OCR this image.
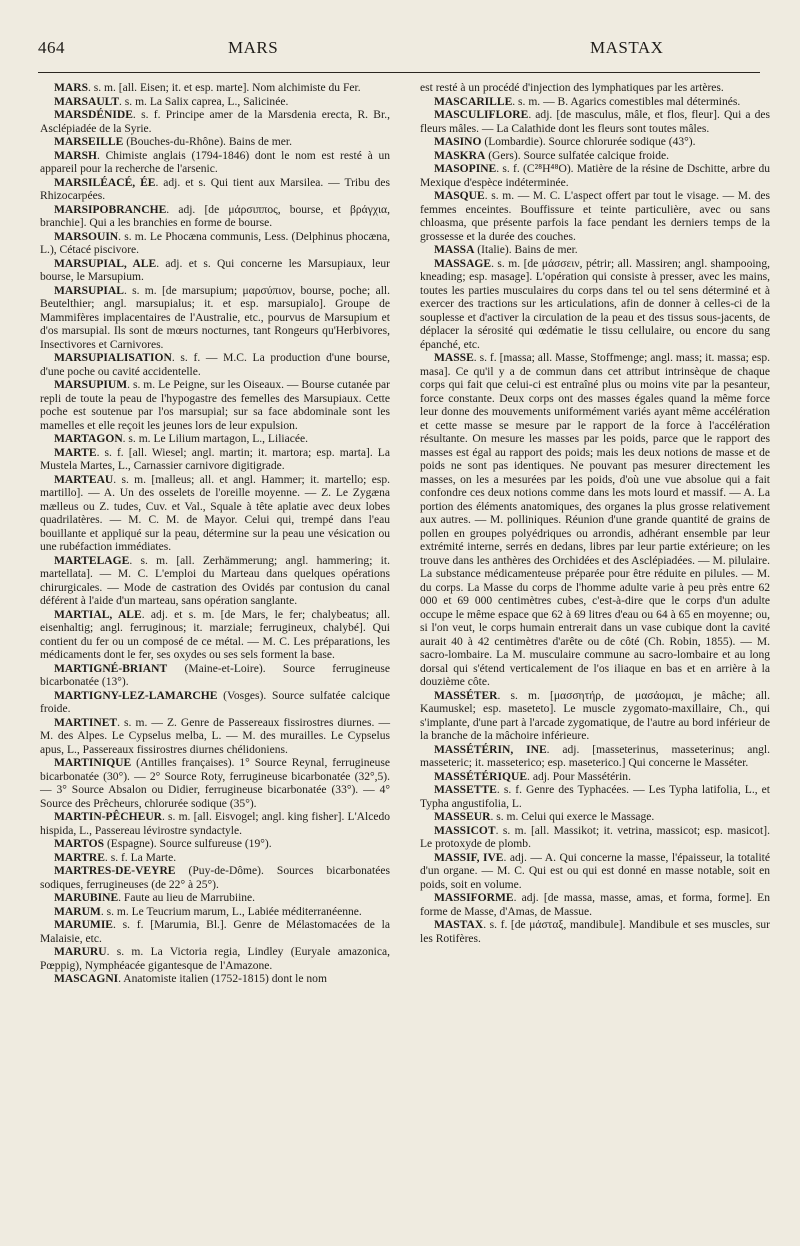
464	MARS	MASTAX

MARS. s. m. [all. Eisen; it. et esp. marte]. Nom alchimiste du Fer.

MARSAULT. s. m. La Salix caprea, L., Salicinée.

MARSDÉNIDE. s. f. Principe amer de la Marsdenia erecta, R. Br., Asclépiadée de la Syrie.

MARSEILLE (Bouches-du-Rhône). Bains de mer.

MARSH. Chimiste anglais (1794-1846) dont le nom est resté à un appareil pour la recherche de l'arsenic.

MARSILÉACÉ, ÉE. adj. et s. Qui tient aux Marsilea. — Tribu des Rhizocarpées.

MARSIPOBRANCHE. adj. [de μάρσιππος, bourse, et βράγχια, branchie]. Qui a les branchies en forme de bourse.

MARSOUIN. s. m. Le Phocæna communis, Less. (Delphinus phocæna, L.), Cétacé piscivore.

MARSUPIAL, ALE. adj. et s. Qui concerne les Marsupiaux, leur bourse, le Marsupium.

MARSUPIAL. s. m. [de marsupium; μαρσύπιον, bourse, poche; all. Beutelthier; angl. marsupialus; it. et esp. marsupialo]. Groupe de Mammifères implacentaires de l'Australie, etc., pourvus de Marsupium et d'os marsupial. Ils sont de mœurs nocturnes, tant Rongeurs qu'Herbivores, Insectivores et Carnivores.

MARSUPIALISATION. s. f. — M.C. La production d'une bourse, d'une poche ou cavité accidentelle.

MARSUPIUM. s. m. Le Peigne, sur les Oiseaux. — Bourse cutanée par repli de toute la peau de l'hypogastre des femelles des Marsupiaux. Cette poche est soutenue par l'os marsupial; sur sa face abdominale sont les mamelles et elle reçoit les jeunes lors de leur expulsion.

MARTAGON. s. m. Le Lilium martagon, L., Liliacée.

MARTE. s. f. [all. Wiesel; angl. martin; it. martora; esp. marta]. La Mustela Martes, L., Carnassier carnivore digitigrade.

MARTEAU. s. m. [malleus; all. et angl. Hammer; it. martello; esp. martillo]. — A. Un des osselets de l'oreille moyenne. — Z. Le Zygæna mælleus ou Z. tudes, Cuv. et Val., Squale à tête aplatie avec deux lobes quadrilatères. — M. C. M. de Mayor. Celui qui, trempé dans l'eau bouillante et appliqué sur la peau, détermine sur la peau une vésication ou une rubéfaction immédiates.

MARTELAGE. s. m. [all. Zerhämmerung; angl. hammering; it. martellata]. — M. C. L'emploi du Marteau dans quelques opérations chirurgicales. — Mode de castration des Ovidés par contusion du canal déférent à l'aide d'un marteau, sans opération sanglante.

MARTIAL, ALE. adj. et s. m. [de Mars, le fer; chalybeatus; all. eisenhaltig; angl. ferruginous; it. marziale; ferrugineux, chalybé]. Qui contient du fer ou un composé de ce métal. — M. C. Les préparations, les médicaments dont le fer, ses oxydes ou ses sels forment la base.

MARTIGNÉ-BRIANT (Maine-et-Loire). Source ferrugineuse bicarbonatée (13°).

MARTIGNY-LEZ-LAMARCHE (Vosges). Source sulfatée calcique froide.

MARTINET. s. m. — Z. Genre de Passereaux fissirostres diurnes. — M. des Alpes. Le Cypselus melba, L. — M. des murailles. Le Cypselus apus, L., Passereaux fissirostres diurnes chélidoniens.

MARTINIQUE (Antilles françaises). 1° Source Reynal, ferrugineuse bicarbonatée (30°). — 2° Source Roty, ferrugineuse bicarbonatée (32°,5). — 3° Source Absalon ou Didier, ferrugineuse bicarbonatée (33°). — 4° Source des Prêcheurs, chlorurée sodique (35°).

MARTIN-PÊCHEUR. s. m. [all. Eisvogel; angl. king fisher]. L'Alcedo hispida, L., Passereau lévirostre syndactyle.

MARTOS (Espagne). Source sulfureuse (19°).

MARTRE. s. f. La Marte.

MARTRES-DE-VEYRE (Puy-de-Dôme). Sources bicarbonatées sodiques, ferrugineuses (de 22° à 25°).

MARUBINE. Faute au lieu de Marrubiine.

MARUM. s. m. Le Teucrium marum, L., Labiée méditerranéenne.

MARUMIE. s. f. [Marumia, Bl.]. Genre de Mélastomacées de la Malaisie, etc.

MARURU. s. m. La Victoria regia, Lindley (Euryale amazonica, Pœppig), Nymphéacée gigantesque de l'Amazone.

MASCAGNI. Anatomiste italien (1752-1815) dont le nom

est resté à un procédé d'injection des lymphatiques par les artères.

MASCARILLE. s. m. — B. Agarics comestibles mal déterminés.

MASCULIFLORE. adj. [de masculus, mâle, et flos, fleur]. Qui a des fleurs mâles. — La Calathide dont les fleurs sont toutes mâles.

MASINO (Lombardie). Source chlorurée sodique (43°).

MASKRA (Gers). Source sulfatée calcique froide.

MASOPINE. s. f. (C²⁸H⁴⁸O). Matière de la résine de Dschitte, arbre du Mexique d'espèce indéterminée.

MASQUE. s. m. — M. C. L'aspect offert par tout le visage. — M. des femmes enceintes. Bouffissure et teinte particulière, avec ou sans chloasma, que présente parfois la face pendant les derniers temps de la grossesse et la durée des couches.

MASSA (Italie). Bains de mer.

MASSAGE. s. m. [de μάσσειν, pétrir; all. Massiren; angl. shampooing, kneading; esp. masage]. L'opération qui consiste à presser, avec les mains, toutes les parties musculaires du corps dans tel ou tel sens déterminé et à exercer des tractions sur les articulations, afin de donner à celles-ci de la souplesse et d'activer la circulation de la peau et des tissus sous-jacents, de déplacer la sérosité qui œdématie le tissu cellulaire, ou encore du sang épanché, etc.

MASSE. s. f. [massa; all. Masse, Stoffmenge; angl. mass; it. massa; esp. masa]. Ce qu'il y a de commun dans cet attribut intrinsèque de chaque corps qui fait que celui-ci est entraîné plus ou moins vite par la pesanteur, force constante. Deux corps ont des masses égales quand la même force leur donne des mouvements uniformément variés ayant même accélération et cette masse se mesure par le rapport de la force à l'accélération résultante. On mesure les masses par les poids, parce que le rapport des masses est égal au rapport des poids; mais les deux notions de masse et de poids ne sont pas identiques. Ne pouvant pas mesurer directement les masses, on les a mesurées par les poids, d'où une vue absolue qui a fait confondre ces deux notions comme dans les mots lourd et massif. — A. La portion des éléments anatomiques, des organes la plus grosse relativement aux autres. — M. polliniques. Réunion d'une grande quantité de grains de pollen en groupes polyédriques ou arrondis, adhérant ensemble par leur extrémité interne, serrés en dedans, libres par leur partie extérieure; on les trouve dans les anthères des Orchidées et des Asclépiadées. — M. pilulaire. La substance médicamenteuse préparée pour être réduite en pilules. — M. du corps. La Masse du corps de l'homme adulte varie à peu près entre 62 000 et 69 000 centimètres cubes, c'est-à-dire que le corps d'un adulte occupe le même espace que 62 à 69 litres d'eau ou 64 à 65 en moyenne; ou, si l'on veut, le corps humain entrerait dans un vase cubique dont la cavité aurait 40 à 42 centimètres d'arête ou de côté (Ch. Robin, 1855). — M. sacro-lombaire. La M. musculaire commune au sacro-lombaire et au long dorsal qui s'étend verticalement de l'os iliaque en bas et en arrière à la douzième côte.

MASSÉTER. s. m. [μασσητήρ, de μασάομαι, je mâche; all. Kaumuskel; esp. maseteto]. Le muscle zygomato-maxillaire, Ch., qui s'implante, d'une part à l'arcade zygomatique, de l'autre au bord inférieur de la branche de la mâchoire inférieure.

MASSÉTÉRIN, INE. adj. [masseterinus, masseterinus; angl. masseteric; it. masseterico; esp. maseterico.] Qui concerne le Masséter.

MASSÉTÉRIQUE. adj. Pour Massétérin.

MASSETTE. s. f. Genre des Typhacées. — Les Typha latifolia, L., et Typha angustifolia, L.

MASSEUR. s. m. Celui qui exerce le Massage.

MASSICOT. s. m. [all. Massikot; it. vetrina, massicot; esp. masicot]. Le protoxyde de plomb.

MASSIF, IVE. adj. — A. Qui concerne la masse, l'épaisseur, la totalité d'un organe. — M. C. Qui est ou qui est donné en masse notable, soit en poids, soit en volume.

MASSIFORME. adj. [de massa, masse, amas, et forma, forme]. En forme de Masse, d'Amas, de Massue.

MASTAX. s. f. [de μάσταξ, mandibule]. Mandibule et ses muscles, sur les Rotifères.
